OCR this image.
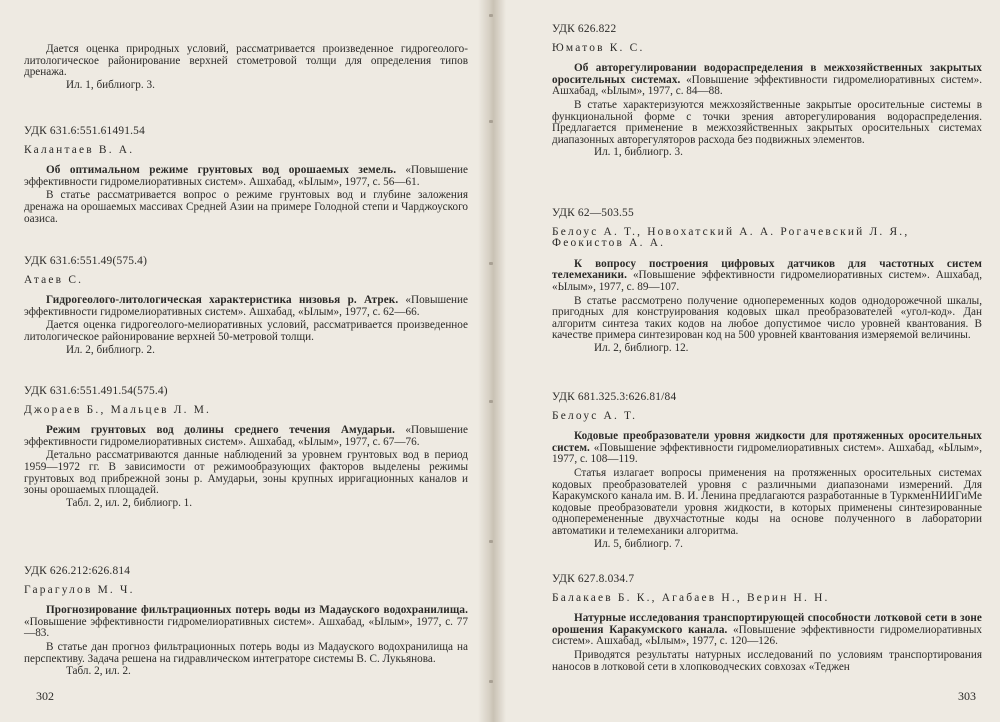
Дается оценка природных условий, рассматривается произведенное гидрогеолого-литологическое районирование верхней стометровой толщи для определения типов дренажа.
Ил. 1, библиогр. 3.
УДК 631.6:551.61491.54
Калантаев В. А.
Об оптимальном режиме грунтовых вод орошаемых земель. «Повышение эффективности гидромелиоративных систем». Ашхабад, «Ылым», 1977, с. 56—61.
В статье рассматривается вопрос о режиме грунтовых вод и глубине заложения дренажа на орошаемых массивах Средней Азии на примере Голодной степи и Чарджоуского оазиса.
УДК 631.6:551.49(575.4)
Атаев С.
Гидрогеолого-литологическая характеристика низовья р. Атрек. «Повышение эффективности гидромелиоративных систем». Ашхабад, «Ылым», 1977, с. 62—66.
Дается оценка гидрогеолого-мелиоративных условий, рассматривается произведенное литологическое районирование верхней 50-метровой толщи.
Ил. 2, библиогр. 2.
УДК 631.6:551.491.54(575.4)
Джораев Б., Мальцев Л. М.
Режим грунтовых вод долины среднего течения Амударьи. «Повышение эффективности гидромелиоративных систем». Ашхабад, «Ылым», 1977, с. 67—76.
Детально рассматриваются данные наблюдений за уровнем грунтовых вод в период 1959—1972 гг. В зависимости от режимообразующих факторов выделены режимы грунтовых вод прибрежной зоны р. Амударьи, зоны крупных ирригационных каналов и зоны орошаемых площадей.
Табл. 2, ил. 2, библиогр. 1.
УДК 626.212:626.814
Гарагулов М. Ч.
Прогнозирование фильтрационных потерь воды из Мадауского водохранилища. «Повышение эффективности гидромелиоративных систем». Ашхабад, «Ылым», 1977, с. 77—83.
В статье дан прогноз фильтрационных потерь воды из Мадауского водохранилища на перспективу. Задача решена на гидравлическом интеграторе системы В. С. Лукьянова.
Табл. 2, ил. 2.
302
УДК 626.822
Юматов К. С.
Об авторегулировании водораспределения в межхозяйственных закрытых оросительных системах. «Повышение эффективности гидромелиоративных систем». Ашхабад, «Ылым», 1977, с. 84—88.
В статье характеризуются межхозяйственные закрытые оросительные системы в функциональной форме с точки зрения авторегулирования водораспределения. Предлагается применение в межхозяйственных закрытых оросительных системах диапазонных авторегуляторов расхода без подвижных элементов.
Ил. 1, библиогр. 3.
УДК 62—503.55
Белоус А. Т., Новохатский А. А. Рогачевский Л. Я., Феокистов А. А.
К вопросу построения цифровых датчиков для частотных систем телемеханики. «Повышение эффективности гидромелиоративных систем». Ашхабад, «Ылым», 1977, с. 89—107.
В статье рассмотрено получение однопеременных кодов однодорожечной шкалы, пригодных для конструирования кодовых шкал преобразователей «угол-код». Дан алгоритм синтеза таких кодов на любое допустимое число уровней квантования. В качестве примера синтезирован код на 500 уровней квантования измеряемой величины.
Ил. 2, библиогр. 12.
УДК 681.325.3:626.81/84
Белоус А. Т.
Кодовые преобразователи уровня жидкости для протяженных оросительных систем. «Повышение эффективности гидромелиоративных систем». Ашхабад, «Ылым», 1977, с. 108—119.
Статья излагает вопросы применения на протяженных оросительных системах кодовых преобразователей уровня с различными диапазонами измерений. Для Каракумского канала им. В. И. Ленина предлагаются разработанные в ТуркменНИИГиМе кодовые преобразователи уровня жидкости, в которых применены синтезированные одноперемененные двухчастотные коды на основе полученного в лаборатории автоматики и телемеханики алгоритма.
Ил. 5, библиогр. 7.
УДК 627.8.034.7
Балакаев Б. К., Агабаев Н., Верин Н. Н.
Натурные исследования транспортирующей способности лотковой сети в зоне орошения Каракумского канала. «Повышение эффективности гидромелиоративных систем». Ашхабад, «Ылым», 1977, с. 120—126.
Приводятся результаты натурных исследований по условиям транспортирования наносов в лотковой сети в хлопководческих совхозах «Теджен
303
